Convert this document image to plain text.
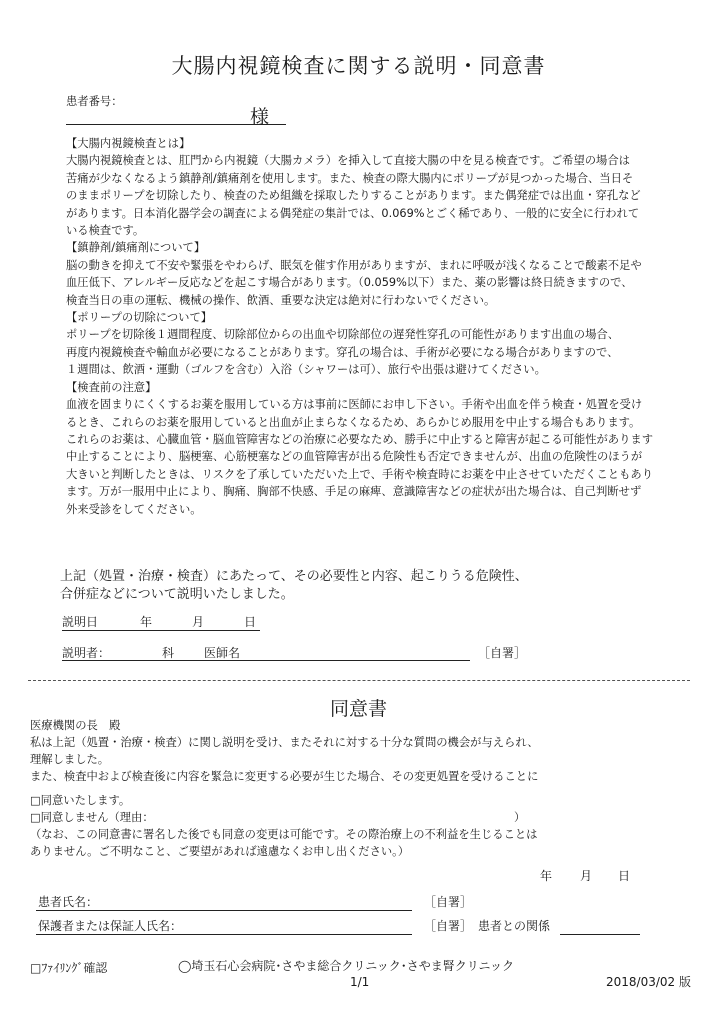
大腸内視鏡検査に関する説明・同意書
患者番号：
様

【大腸内視鏡検査とは】

大腸内視鏡検査とは、肛門から内視鏡（大腸カメラ）を挿入して直接大腸の中を見る検査です。ご希望の場合は

苦痛が少なくなるよう鎮静剤/鎮痛剤を使用します。また、検査の際大腸内にポリープが見つかった場合、当日そ

のままポリープを切除したり、検査のため組織を採取したりすることがあります。また偶発症では出血・穿孔など

があります。日本消化器学会の調査による偶発症の集計では、0.069%とごく稀であり、一般的に安全に行われて

いる検査です。

【鎮静剤/鎮痛剤について】

脳の動きを抑えて不安や緊張をやわらげ、眠気を催す作用がありますが、まれに呼吸が浅くなることで酸素不足や

血圧低下、アレルギー反応などを起こす場合があります。（0.059%以下）また、薬の影響は終日続きますので、

検査当日の車の運転、機械の操作、飲酒、重要な決定は絶対に行わないでください。

【ポリープの切除について】

ポリープを切除後１週間程度、切除部位からの出血や切除部位の遅発性穿孔の可能性があります出血の場合、

再度内視鏡検査や輸血が必要になることがあります。穿孔の場合は、手術が必要になる場合がありますので、

１週間は、飲酒・運動（ゴルフを含む）入浴（シャワーは可）、旅行や出張は避けてください。

【検査前の注意】

血液を固まりにくくするお薬を服用している方は事前に医師にお申し下さい。手術や出血を伴う検査・処置を受け

るとき、これらのお薬を服用していると出血が止まらなくなるため、あらかじめ服用を中止する場合もあります。

これらのお薬は、心臓血管・脳血管障害などの治療に必要なため、勝手に中止すると障害が起こる可能性があります

中止することにより、脳梗塞、心筋梗塞などの血管障害が出る危険性も否定できませんが、出血の危険性のほうが

大きいと判断したときは、リスクを了承していただいた上で、手術や検査時にお薬を中止させていただくこともあり

ます。万が一服用中止により、胸痛、胸部不快感、手足の麻痺、意識障害などの症状が出た場合は、自己判断せず

外来受診をしてください。

上記（処置・治療・検査）にあたって、その必要性と内容、起こりうる危険性、
合併症などについて説明いたしました。
説明日	年	月	日
説明者：	科 医師名	［自署］
同意書
医療機関の長　殿
私は上記（処置・治療・検査）に関し説明を受け、またそれに対する十分な質問の機会が与えられ、
理解しました。
また、検査中および検査後に内容を緊急に変更する必要が生じた場合、その変更処置を受けることに
□同意いたします。
□同意しません（理由：	）
（なお、この同意書に署名した後でも同意の変更は可能です。その際治療上の不利益を生じることは
ありません。ご不明なこと、ご要望があれば遠慮なくお申し出ください。）
年 月 日
患者氏名：	［自署］
保護者または保証人氏名：	［自署］ 患者との関係
□ﾌｧｲﾘﾝｸﾞ確認	◯埼玉石心会病院･さやま総合クリニック･さやま腎クリニック
1/1	2018/03/02 版
